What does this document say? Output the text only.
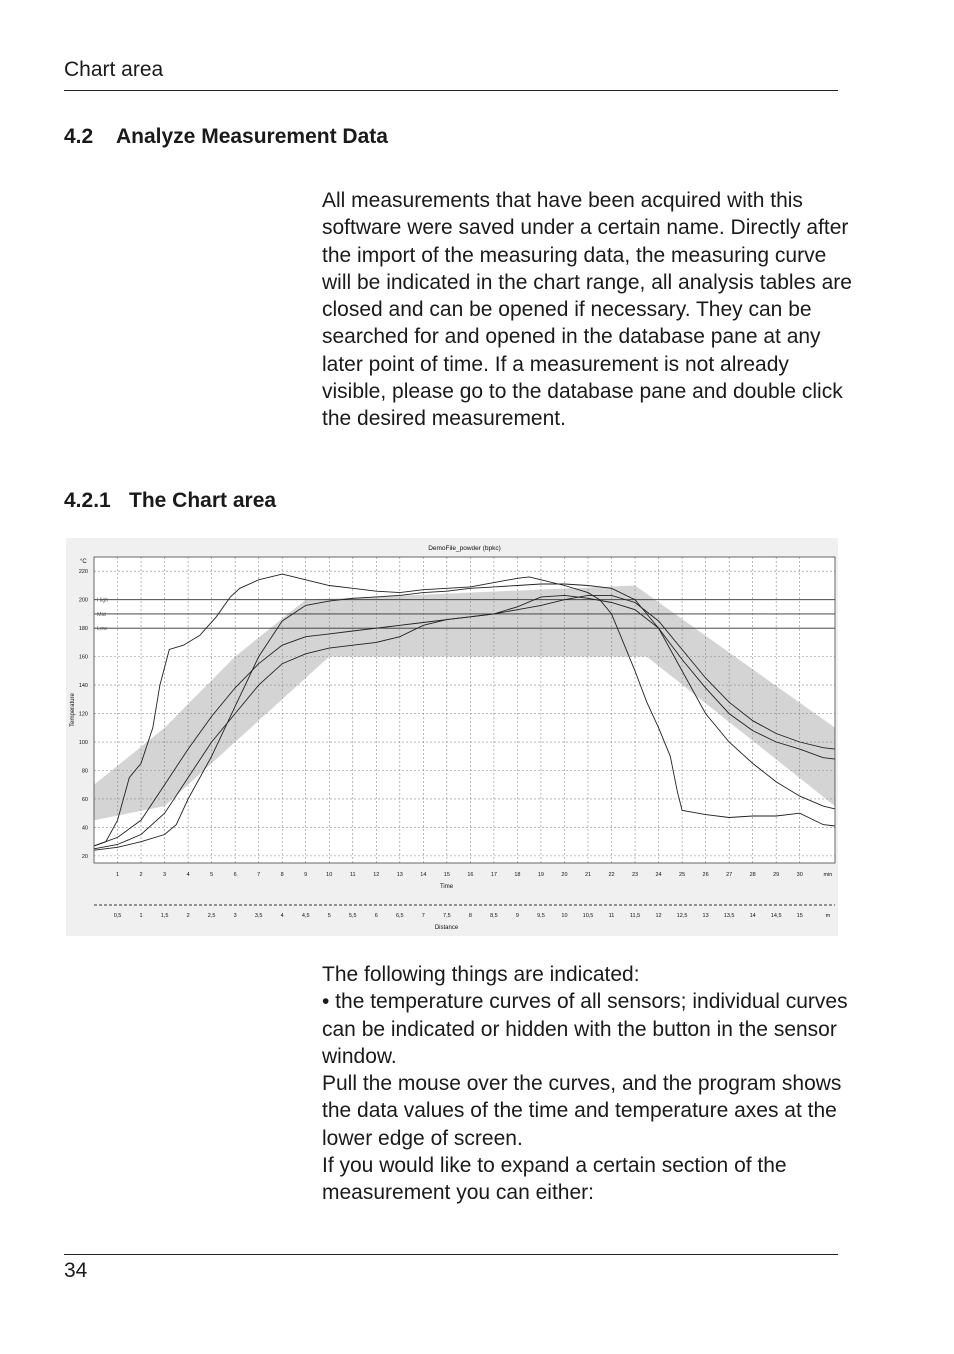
Chart area
4.2 Analyze Measurement Data

All measurements that have been acquired with this software were saved under a certain name. Directly after the import of the measuring data, the measuring curve will be indicated in the chart range, all analysis tables are closed and can be opened if necessary. They can be searched for and opened in the database pane at any later point of time. If a measurement is not already visible, please go to the database pane and double click the desired measurement.

4.2.1 The Chart area
High
Mid
Low
DemoFile_powder (bpkc)
°C
20
40
60
80
100
120
140
160
180
200
220
Temperature
1	2	3	4	5	6	7	8	9	10	11	12	13	14	15	16	17	18	19	20	21	22	23	24	25	26	27	28	29	30	min
Time
0,5	1	1,5	2	2,5	3	3,5	4	4,5	5	5,5	6	6,5	7	7,5	8	8,5	9	9,5	10	10,5	11	11,5	12	12,5	13	13,5	14	14,5	15	m
Distance

The following things are indicated:

• the temperature curves of all sensors; individual curves can be indicated or hidden with the button in the sensor window.

Pull the mouse over the curves, and the program shows the data values of the time and temperature axes at the lower edge of screen.

If you would like to expand a certain section of the measurement you can either:

34
